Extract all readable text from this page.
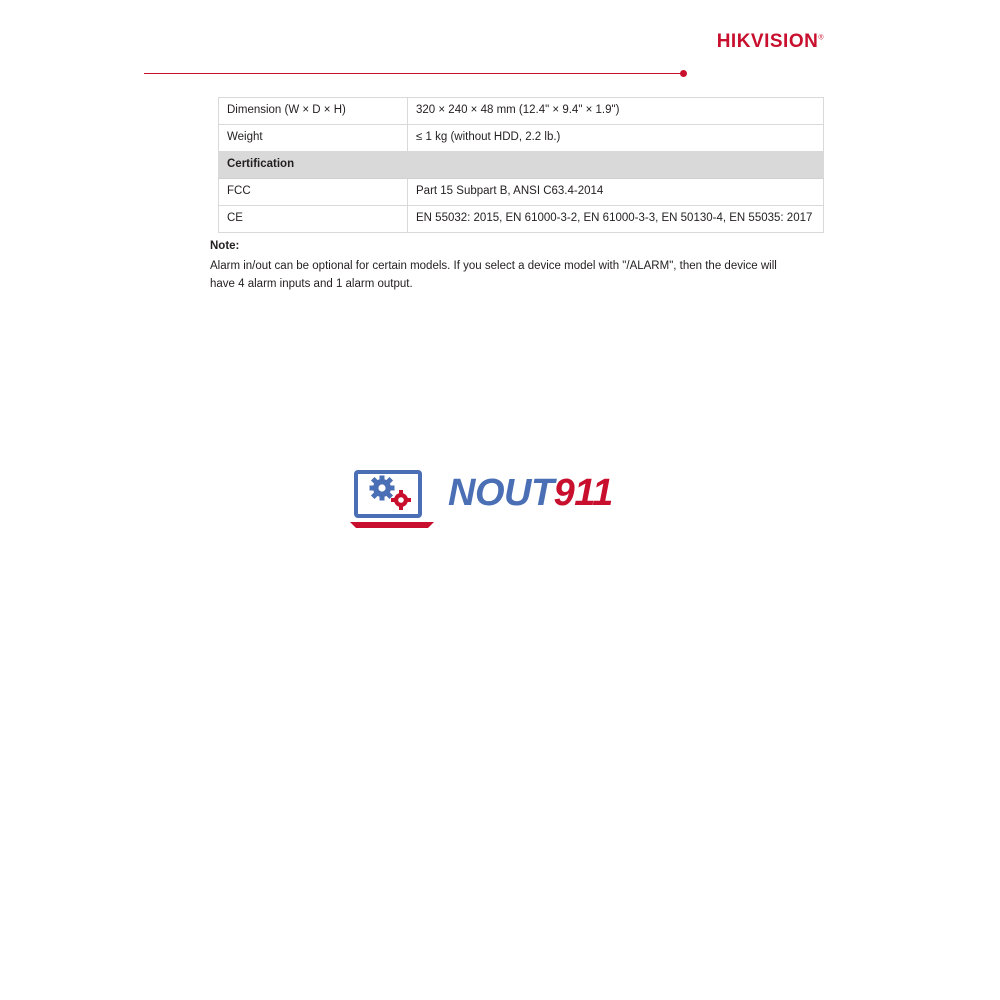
HIKVISION®
Dimension (W × D × H)	320 × 240 × 48 mm (12.4" × 9.4" × 1.9")
Weight	≤ 1 kg (without HDD, 2.2 lb.)
Certification	
FCC	Part 15 Subpart B, ANSI C63.4-2014
CE	EN 55032: 2015, EN 61000-3-2, EN 61000-3-3, EN 50130-4, EN 55035: 2017
Note:
Alarm in/out can be optional for certain models. If you select a device model with "/ALARM", then the device will have 4 alarm inputs and 1 alarm output.
NOUT911
